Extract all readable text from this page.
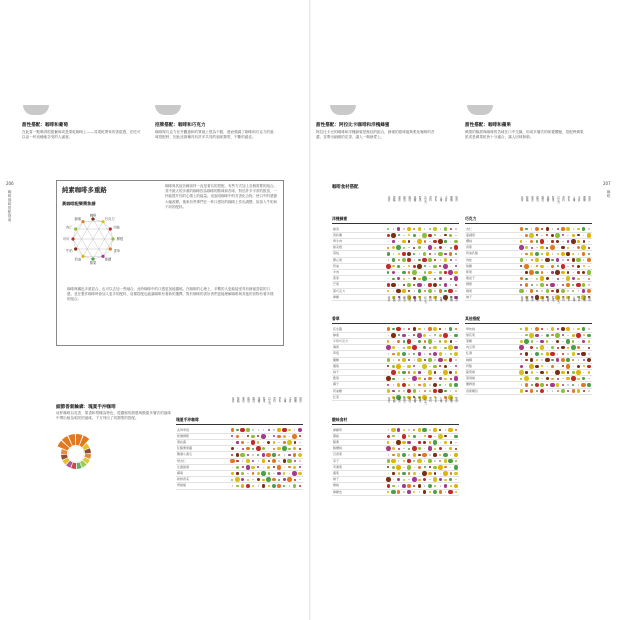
甜性搭配：咖啡和葡萄
在此嘗一點喝得很甜葡萄或是果乾咖啡上——其果乾帶來的香甜感，在吃可以品一杯這種地享受的人滿意。
招牌搭配：咖啡和巧克力
咖啡與巧克力在外觀意和的質地上很為不錯，進而強調了咖啡和巧克力的風味搭配時，因此這兩種具有許多共同的風味類型，不斷的絕佳。
206
咖啡風味搭配指南	純素咖啡多重路
黃咖啡配樂需象譜
咖啡
巧克力
肉桂
柳橙
香草
焦糖
榛果
奶油
牛奶
可可
杏仁
蜂蜜
咖啡與其他各種食材一直是著名的搭配，有些方式加上各個需要的組合。其中最大的多重的咖啡因為咖啡的酸味和苦味，對於許多平常的飲食，一杯能提升你的心情上的能量。這說明咖啡中的芳香化合物，使口中的感覺大幅改變。後來有些專門在一杯口感好的咖啡上作出調整，如加入牛奶和不同的配料。
咖啡與橘色多重混合，也可以去加一些融合，此時咖啡中的口感更加地濃郁。在咖啡的心理上，多數的人更能接受具有蜂蜜香氣的口感，並在製作咖啡時會加入更多的配料，這樣搭配也能讓咖啡有著新的選擇，對於咖啡的喜好者們更能理解咖啡與其他的食物有著多樣的組合。
細節香氣輪廓：瑰夏手沖咖啡
這杯咖啡以花香、果香和柑橘為特色，從濃郁的甜感與酸甜多層次的風味中帶出極為明亮的風味，下方列出了同類型的搭配。
花香 柑橘 果香 甜感 酸度 焦糖 堅果 巧克力 香料 草本 土壤 木質 煙燻 奶香
瑰夏手沖咖啡
炙烤草莓
乾燒柳橙
黑松露
紅醋栗果醬
醃漬小黃瓜
烤杏仁
生薑甜酒
椰棗
新鮮香菜
烤甜椒
甜性搭配：阿拉比卡咖啡和洋槐蜂蜜
阿拉比卡豆的咖啡和洋槐蜂蜜是極佳的組合，蜂蜜的甜味能夠柔化咖啡的苦澀，並帶出細緻的花香，讓人一喝就愛上。
甜性搭配：咖啡和蘋果
蘋果的酸甜與咖啡的苦味在口中交織，形成多層次的味覺體驗，搭配烤蘋果派或是蘋果乾皆十分適合，讓人回味無窮。
207
咖啡
咖啡食材搭配
花香 柑橘 果香 甜感 酸度 焦糖 堅果 巧克力 香料 草本 土壤 木質 煙燻 奶香
洋槐蜂蜜
綠茶
馬鈴薯
烤牛肉
甜菜根
荔枝
開心果
奶油
羊肉
燕麥
芒果
黑巧克力
檸檬
花香 柑橘 果香 甜感 酸度 焦糖 堅果 巧克力 香料 草本 土壤 木質 煙燻 奶香
巧克力
杏仁
蔓越莓
櫻桃
香蕉
奶油乳酪
肉桂
焦糖
榛果
覆盆子
柳橙
蘋果
柚子
花香 柑橘 果香 甜感 酸度 焦糖 堅果 巧克力 香料 草本 土壤 木質 煙燻 奶香
香草
花生醬
蜂蜜
牛奶巧克力
薄荷
草莓
楓糖
鳳梨
桃子
藍莓
椰子
奶油糖
紅茶
花香 柑橘 果香 甜感 酸度 焦糖 堅果 巧克力 香料 草本 土壤 木質 煙燻 奶香
其他搭配
烤核桃
無花果
黑糖
肉豆蔻
紅酒
咖哩
奶酪
葡萄柚
黑胡椒
蘭姆酒
香蕉麵包
花香 柑橘 果香 甜感 酸度 焦糖 堅果 巧克力 香料 草本 土壤 木質 煙燻 奶香
酸味食材
檸檬草
優格
醋栗
酸櫻桃
百香果
李子
奇異果
番茄
柿子
楊桃
檸檬皮
